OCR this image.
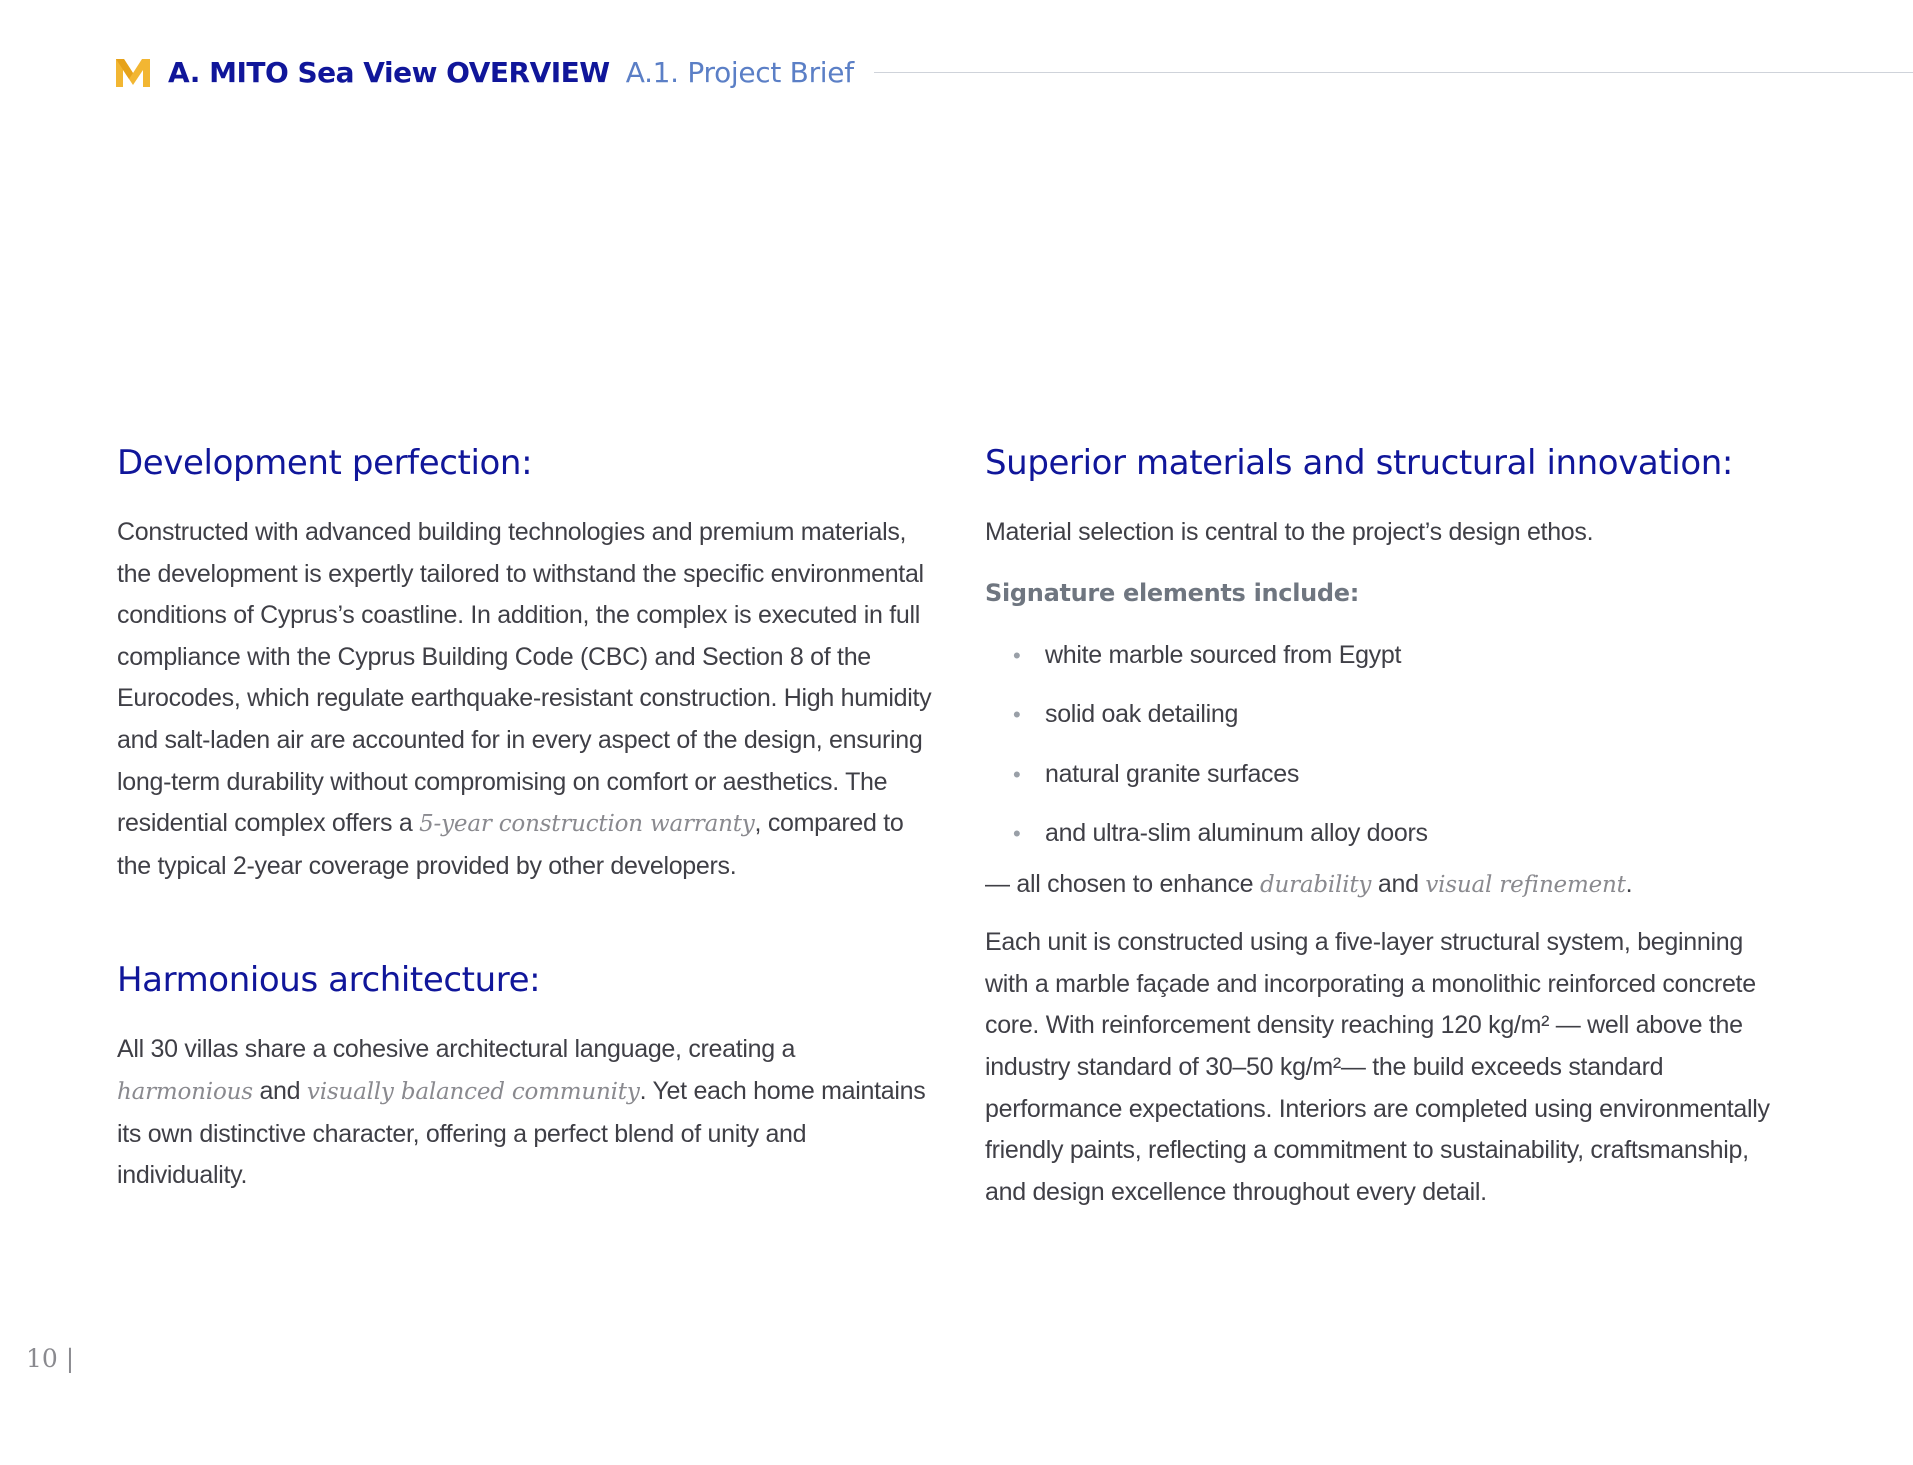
A. MITO Sea View OVERVIEW A.1. Project Brief
Development perfection:

Constructed with advanced building technologies and premium materials, the development is expertly tailored to withstand the specific environmental conditions of Cyprus’s coastline. In addition, the complex is executed in full compliance with the Cyprus Building Code (CBC) and Section 8 of the Eurocodes, which regulate earthquake-resistant construction. High humidity and salt-laden air are accounted for in every aspect of the design, ensuring long-term durability without compromising on comfort or aesthetics. The residential complex offers a 5-year construction warranty, compared to the typical 2-year coverage provided by other developers.

Harmonious architecture:

All 30 villas share a cohesive architectural language, creating a harmonious and visually balanced community. Yet each home maintains its own distinctive character, offering a perfect blend of unity and individuality.

Superior materials and structural innovation:

Material selection is central to the project’s design ethos.

Signature elements include:
• white marble sourced from Egypt
• solid oak detailing
• natural granite surfaces
• and ultra-slim aluminum alloy doors

— all chosen to enhance durability and visual refinement.

Each unit is constructed using a five-layer structural system, beginning with a marble façade and incorporating a monolithic reinforced concrete core. With reinforcement density reaching 120 kg/m² — well above the industry standard of 30–50 kg/m²— the build exceeds standard performance expectations. Interiors are completed using environmentally friendly paints, reflecting a commitment to sustainability, craftsmanship, and design excellence throughout every detail.

10 |
